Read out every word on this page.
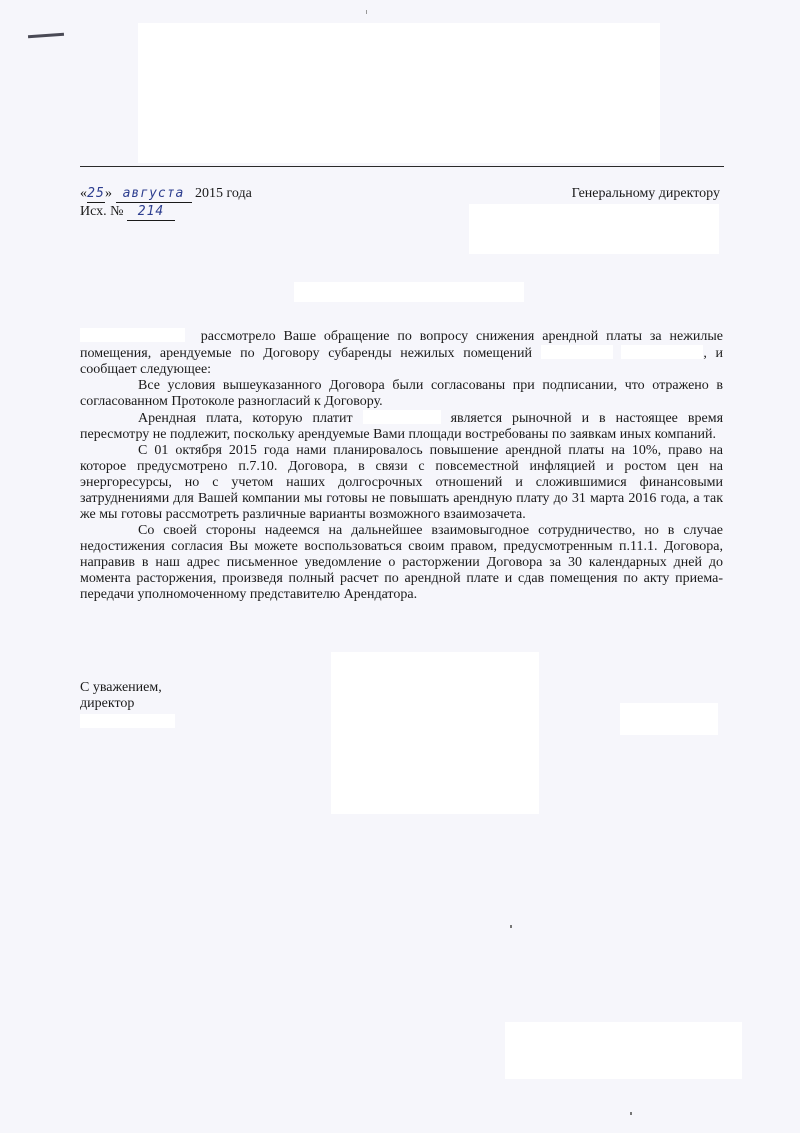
«25» августа 2015 года
Исх. № 214
Генеральному директору

рассмотрело Ваше обращение по вопросу снижения арендной платы за нежилые помещения, арендуемые по Договору субаренды нежилых помещений	, и сообщает следующее:

Все условия вышеуказанного Договора были согласованы при подписании, что отражено в согласованном Протоколе разногласий к Договору.

Арендная плата, которую платит	является рыночной и в настоящее время пересмотру не подлежит, поскольку арендуемые Вами площади востребованы по заявкам иных компаний.

С 01 октября 2015 года нами планировалось повышение арендной платы на 10%, право на которое предусмотрено п.7.10. Договора, в связи с повсеместной инфляцией и ростом цен на энергоресурсы, но с учетом наших долгосрочных отношений и сложившимися финансовыми затруднениями для Вашей компании мы готовы не повышать арендную плату до 31 марта 2016 года, а так же мы готовы рассмотреть различные варианты возможного взаимозачета.

Со своей стороны надеемся на дальнейшее взаимовыгодное сотрудничество, но в случае недостижения согласия Вы можете воспользоваться своим правом, предусмотренным п.11.1. Договора, направив в наш адрес письменное уведомление о расторжении Договора за 30 календарных дней до момента расторжения, произведя полный расчет по арендной плате и сдав помещения по акту приема-передачи уполномоченному представителю Арендатора.

С уважением,
директор
